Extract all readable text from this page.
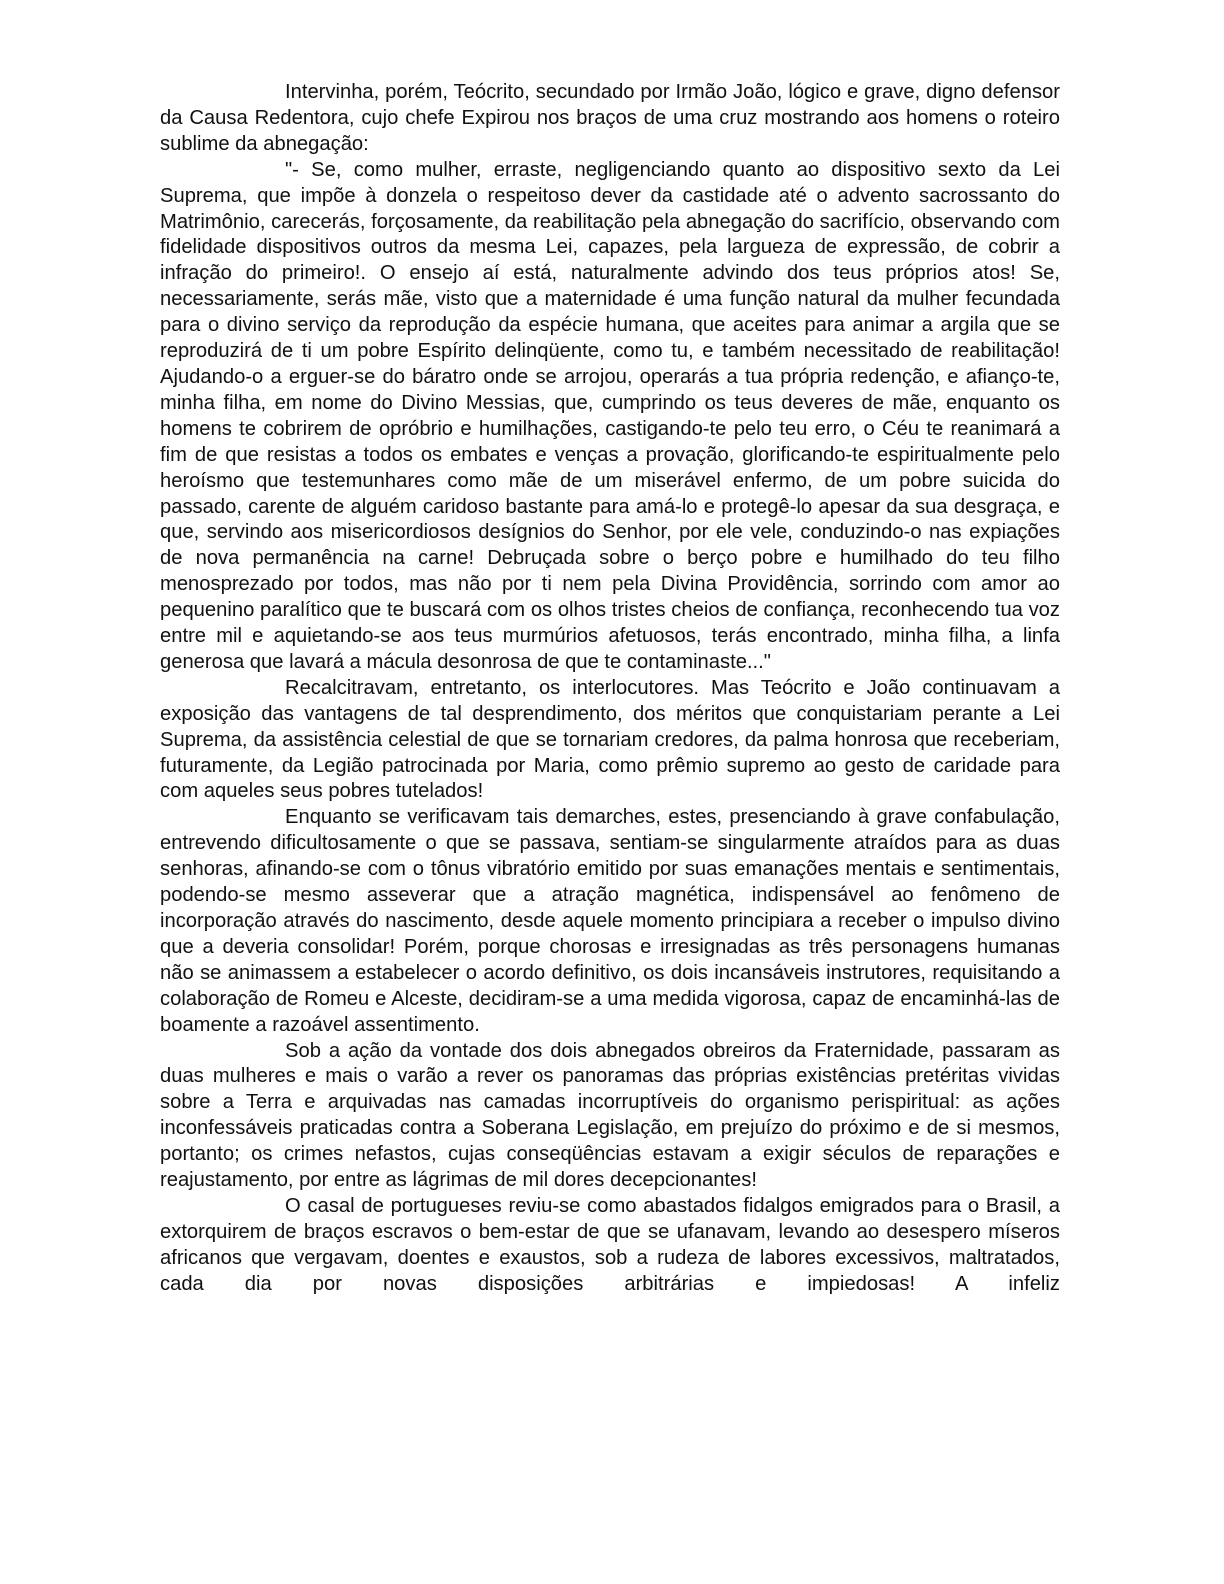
Intervinha, porém, Teócrito, secundado por Irmão João, lógico e grave, digno defensor da Causa Redentora, cujo chefe Expirou nos braços de uma cruz mostrando aos homens o roteiro sublime da abnegação:

"- Se, como mulher, erraste, negligenciando quanto ao dispositivo sexto da Lei Suprema, que impõe à donzela o respeitoso dever da castidade até o advento sacrossanto do Matrimônio, carecerás, forçosamente, da reabilitação pela abnegação do sacrifício, observando com fidelidade dispositivos outros da mesma Lei, capazes, pela largueza de expressão, de cobrir a infração do primeiro!. O ensejo aí está, naturalmente advindo dos teus próprios atos! Se, necessariamente, serás mãe, visto que a maternidade é uma função natural da mulher fecundada para o divino serviço da reprodução da espécie humana, que aceites para animar a argila que se reproduzirá de ti um pobre Espírito delinqüente, como tu, e também necessitado de reabilitação! Ajudando-o a erguer-se do báratro onde se arrojou, operarás a tua própria redenção, e afianço-te, minha filha, em nome do Divino Messias, que, cumprindo os teus deveres de mãe, enquanto os homens te cobrirem de opróbrio e humilhações, castigando-te pelo teu erro, o Céu te reanimará a fim de que resistas a todos os embates e venças a provação, glorificando-te espiritualmente pelo heroísmo que testemunhares como mãe de um miserável enfermo, de um pobre suicida do passado, carente de alguém caridoso bastante para amá-lo e protegê-lo apesar da sua desgraça, e que, servindo aos misericordiosos desígnios do Senhor, por ele vele, conduzindo-o nas expiações de nova permanência na carne! Debruçada sobre o berço pobre e humilhado do teu filho menosprezado por todos, mas não por ti nem pela Divina Providência, sorrindo com amor ao pequenino paralítico que te buscará com os olhos tristes cheios de confiança, reconhecendo tua voz entre mil e aquietando-se aos teus murmúrios afetuosos, terás encontrado, minha filha, a linfa generosa que lavará a mácula desonrosa de que te contaminaste..."

Recalcitravam, entretanto, os interlocutores. Mas Teócrito e João continuavam a exposição das vantagens de tal desprendimento, dos méritos que conquistariam perante a Lei Suprema, da assistência celestial de que se tornariam credores, da palma honrosa que receberiam, futuramente, da Legião patrocinada por Maria, como prêmio supremo ao gesto de caridade para com aqueles seus pobres tutelados!

Enquanto se verificavam tais demarches, estes, presenciando à grave confabulação, entrevendo dificultosamente o que se passava, sentiam-se singularmente atraídos para as duas senhoras, afinando-se com o tônus vibratório emitido por suas emanações mentais e sentimentais, podendo-se mesmo asseverar que a atração magnética, indispensável ao fenômeno de incorporação através do nascimento, desde aquele momento principiara a receber o impulso divino que a deveria consolidar! Porém, porque chorosas e irresignadas as três personagens humanas não se animassem a estabelecer o acordo definitivo, os dois incansáveis instrutores, requisitando a colaboração de Romeu e Alceste, decidiram-se a uma medida vigorosa, capaz de encaminhá-las de boamente a razoável assentimento.

Sob a ação da vontade dos dois abnegados obreiros da Fraternidade, passaram as duas mulheres e mais o varão a rever os panoramas das próprias existências pretéritas vividas sobre a Terra e arquivadas nas camadas incorruptíveis do organismo perispiritual: as ações inconfessáveis praticadas contra a Soberana Legislação, em prejuízo do próximo e de si mesmos, portanto; os crimes nefastos, cujas conseqüências estavam a exigir séculos de reparações e reajustamento, por entre as lágrimas de mil dores decepcionantes!

O casal de portugueses reviu-se como abastados fidalgos emigrados para o Brasil, a extorquirem de braços escravos o bem-estar de que se ufanavam, levando ao desespero míseros africanos que vergavam, doentes e exaustos, sob a rudeza de labores excessivos, maltratados, cada dia por novas disposições arbitrárias e impiedosas! A infeliz
